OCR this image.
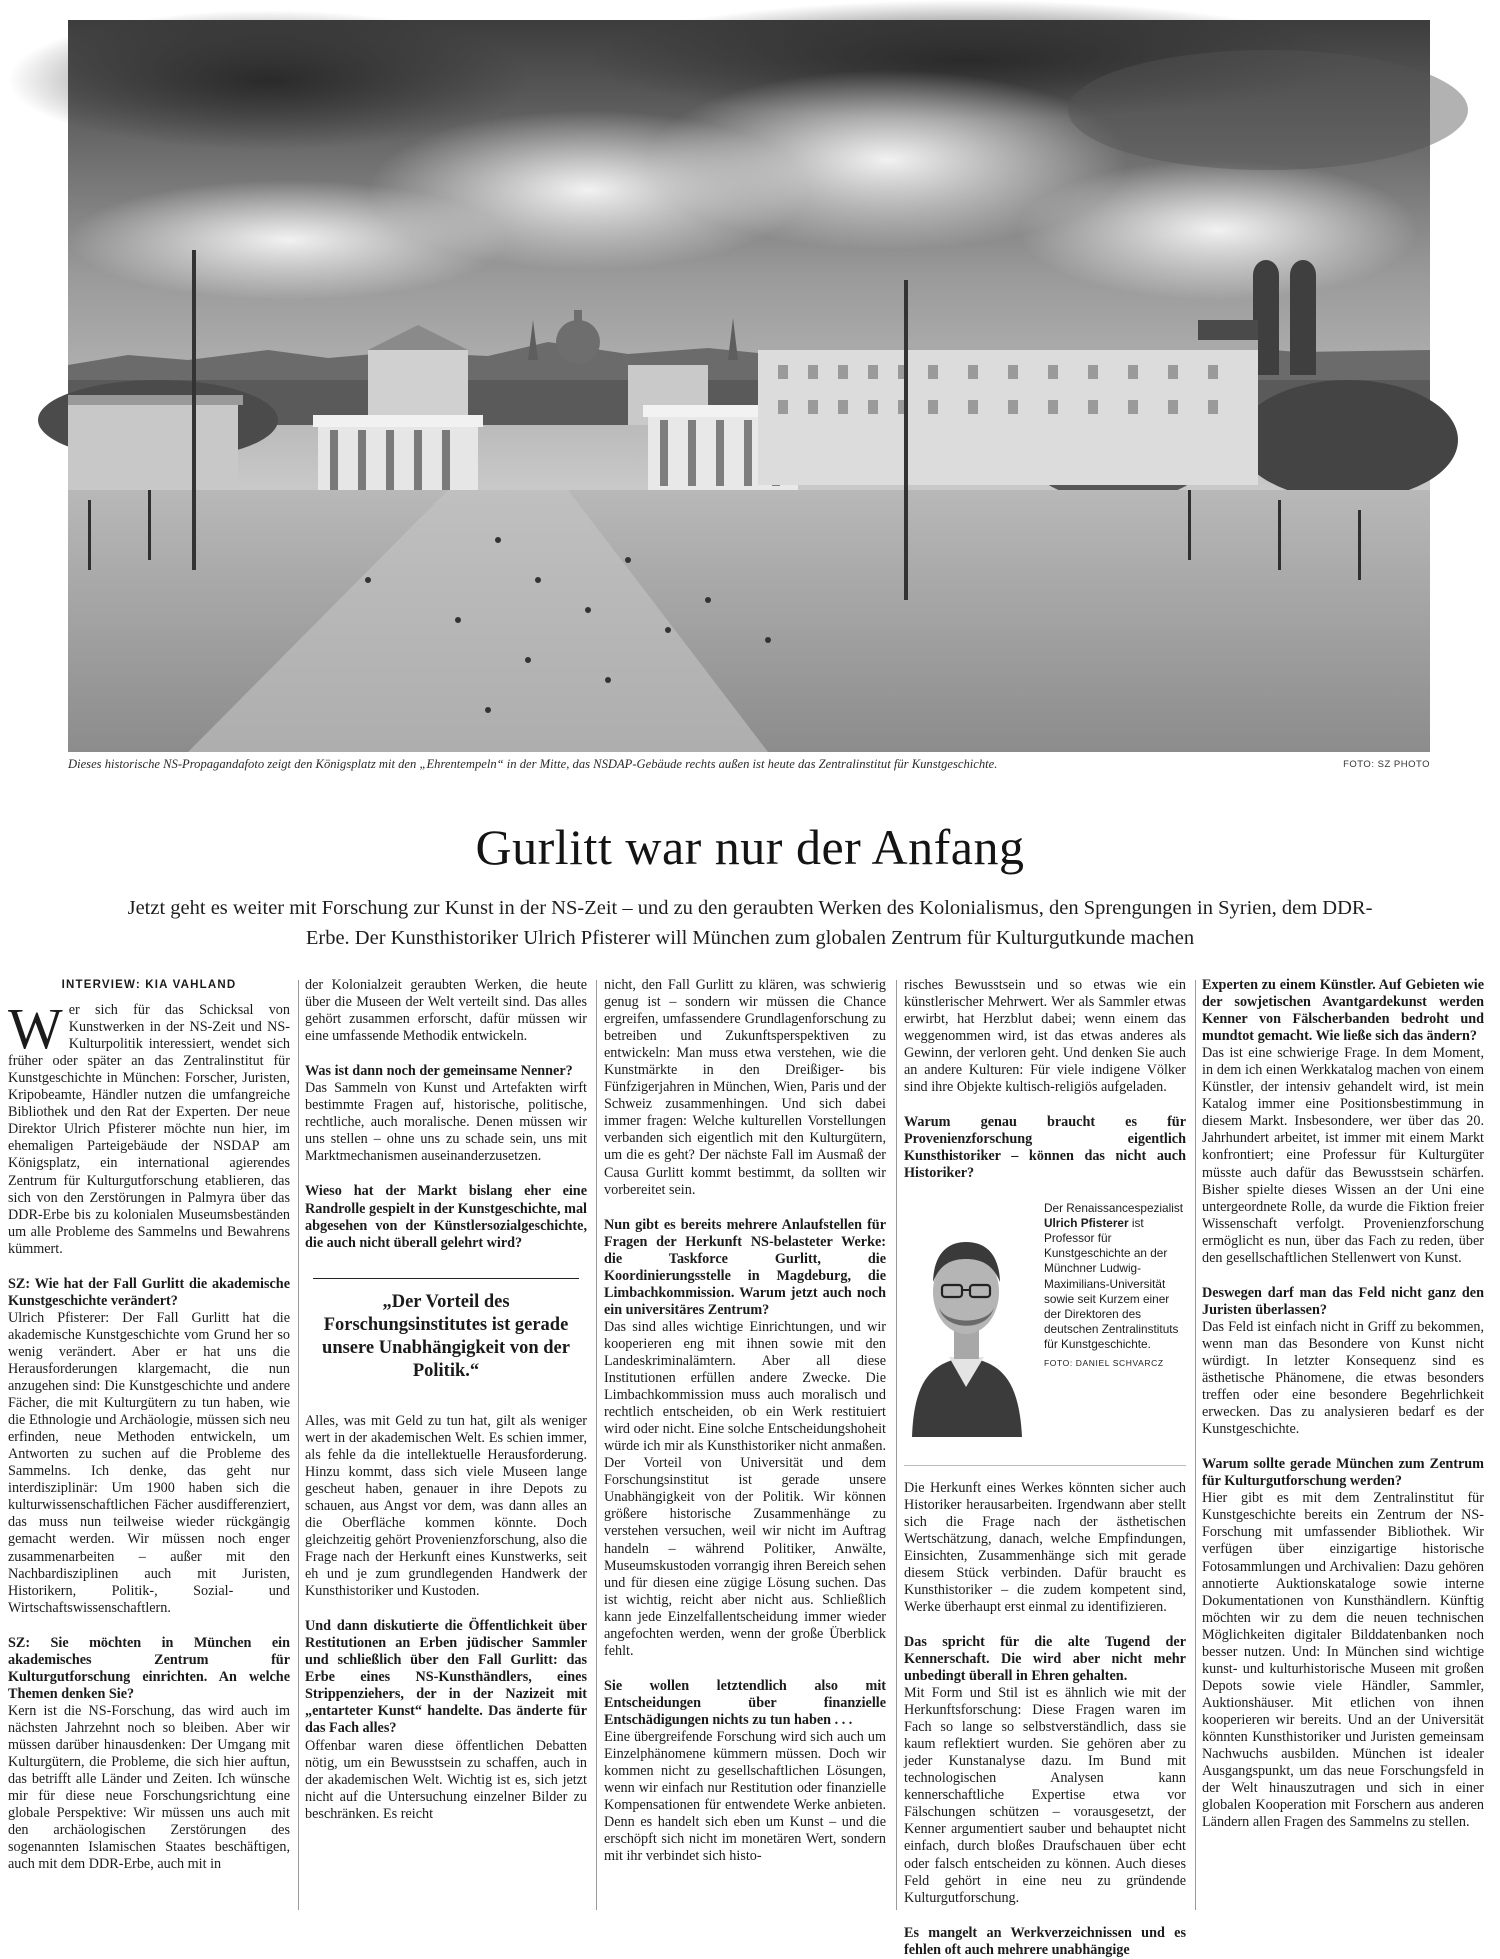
Dieses historische NS-Propagandafoto zeigt den Königsplatz mit den „Ehrentempeln“ in der Mitte, das NSDAP-Gebäude rechts außen ist heute das Zentralinstitut für Kunstgeschichte.	FOTO: SZ PHOTO
Gurlitt war nur der Anfang

Jetzt geht es weiter mit Forschung zur Kunst in der NS-Zeit – und zu den geraubten Werken des Kolonialismus, den Sprengungen in Syrien, dem DDR-Erbe. Der Kunsthistoriker Ulrich Pfisterer will München zum globalen Zentrum für Kulturgutkunde machen

INTERVIEW: KIA VAHLAND

Wer sich für das Schicksal von Kunstwerken in der NS-Zeit und NS-Kulturpolitik interessiert, wendet sich früher oder später an das Zentralinstitut für Kunstgeschichte in München: Forscher, Juristen, Kripobeamte, Händler nutzen die umfangreiche Bibliothek und den Rat der Experten. Der neue Direktor Ulrich Pfisterer möchte nun hier, im ehemaligen Parteigebäude der NSDAP am Königsplatz, ein international agierendes Zentrum für Kulturgutforschung etablieren, das sich von den Zerstörungen in Palmyra über das DDR-Erbe bis zu kolonialen Museumsbeständen um alle Probleme des Sammelns und Bewahrens kümmert.

SZ: Wie hat der Fall Gurlitt die akademische Kunstgeschichte verändert?

Ulrich Pfisterer: Der Fall Gurlitt hat die akademische Kunstgeschichte vom Grund her so wenig verändert. Aber er hat uns die Herausforderungen klargemacht, die nun anzugehen sind: Die Kunstgeschichte und andere Fächer, die mit Kulturgütern zu tun haben, wie die Ethnologie und Archäologie, müssen sich neu erfinden, neue Methoden entwickeln, um Antworten zu suchen auf die Probleme des Sammelns. Ich denke, das geht nur interdisziplinär: Um 1900 haben sich die kulturwissenschaftlichen Fächer ausdifferenziert, das muss nun teilweise wieder rückgängig gemacht werden. Wir müssen noch enger zusammenarbeiten – außer mit den Nachbardisziplinen auch mit Juristen, Historikern, Politik-, Sozial- und Wirtschaftswissenschaftlern.

SZ: Sie möchten in München ein akademisches Zentrum für Kulturgutforschung einrichten. An welche Themen denken Sie?

Kern ist die NS-Forschung, das wird auch im nächsten Jahrzehnt noch so bleiben. Aber wir müssen darüber hinausdenken: Der Umgang mit Kulturgütern, die Probleme, die sich hier auftun, das betrifft alle Länder und Zeiten. Ich wünsche mir für diese neue Forschungsrichtung eine globale Perspektive: Wir müssen uns auch mit den archäologischen Zerstörungen des sogenannten Islamischen Staates beschäftigen, auch mit dem DDR-Erbe, auch mit in

der Kolonialzeit geraubten Werken, die heute über die Museen der Welt verteilt sind. Das alles gehört zusammen erforscht, dafür müssen wir eine umfassende Methodik entwickeln.

Was ist dann noch der gemeinsame Nenner?

Das Sammeln von Kunst und Artefakten wirft bestimmte Fragen auf, historische, politische, rechtliche, auch moralische. Denen müssen wir uns stellen – ohne uns zu schade sein, uns mit Marktmechanismen auseinanderzusetzen.

Wieso hat der Markt bislang eher eine Randrolle gespielt in der Kunstgeschichte, mal abgesehen von der Künstlersozialgeschichte, die auch nicht überall gelehrt wird?

„Der Vorteil des Forschungsinstitutes ist gerade unsere Unabhängigkeit von der Politik.“

Alles, was mit Geld zu tun hat, gilt als weniger wert in der akademischen Welt. Es schien immer, als fehle da die intellektuelle Herausforderung. Hinzu kommt, dass sich viele Museen lange gescheut haben, genauer in ihre Depots zu schauen, aus Angst vor dem, was dann alles an die Oberfläche kommen könnte. Doch gleichzeitig gehört Provenienzforschung, also die Frage nach der Herkunft eines Kunstwerks, seit eh und je zum grundlegenden Handwerk der Kunsthistoriker und Kustoden.

Und dann diskutierte die Öffentlichkeit über Restitutionen an Erben jüdischer Sammler und schließlich über den Fall Gurlitt: das Erbe eines NS-Kunsthändlers, eines Strippenziehers, der in der Nazizeit mit „entarteter Kunst“ handelte. Das änderte für das Fach alles?

Offenbar waren diese öffentlichen Debatten nötig, um ein Bewusstsein zu schaffen, auch in der akademischen Welt. Wichtig ist es, sich jetzt nicht auf die Untersuchung einzelner Bilder zu beschränken. Es reicht

nicht, den Fall Gurlitt zu klären, was schwierig genug ist – sondern wir müssen die Chance ergreifen, umfassendere Grundlagenforschung zu betreiben und Zukunftsperspektiven zu entwickeln: Man muss etwa verstehen, wie die Kunstmärkte in den Dreißiger- bis Fünfzigerjahren in München, Wien, Paris und der Schweiz zusammenhingen. Und sich dabei immer fragen: Welche kulturellen Vorstellungen verbanden sich eigentlich mit den Kulturgütern, um die es geht? Der nächste Fall im Ausmaß der Causa Gurlitt kommt bestimmt, da sollten wir vorbereitet sein.

Nun gibt es bereits mehrere Anlaufstellen für Fragen der Herkunft NS-belasteter Werke: die Taskforce Gurlitt, die Koordinierungsstelle in Magdeburg, die Limbachkommission. Warum jetzt auch noch ein universitäres Zentrum?

Das sind alles wichtige Einrichtungen, und wir kooperieren eng mit ihnen sowie mit den Landeskriminalämtern. Aber all diese Institutionen erfüllen andere Zwecke. Die Limbachkommission muss auch moralisch und rechtlich entscheiden, ob ein Werk restituiert wird oder nicht. Eine solche Entscheidungshoheit würde ich mir als Kunsthistoriker nicht anmaßen. Der Vorteil von Universität und dem Forschungsinstitut ist gerade unsere Unabhängigkeit von der Politik. Wir können größere historische Zusammenhänge zu verstehen versuchen, weil wir nicht im Auftrag handeln – während Politiker, Anwälte, Museumskustoden vorrangig ihren Bereich sehen und für diesen eine zügige Lösung suchen. Das ist wichtig, reicht aber nicht aus. Schließlich kann jede Einzelfallentscheidung immer wieder angefochten werden, wenn der große Überblick fehlt.

Sie wollen letztendlich also mit Entscheidungen über finanzielle Entschädigungen nichts zu tun haben . . .

Eine übergreifende Forschung wird sich auch um Einzelphänomene kümmern müssen. Doch wir kommen nicht zu gesellschaftlichen Lösungen, wenn wir einfach nur Restitution oder finanzielle Kompensationen für entwendete Werke anbieten. Denn es handelt sich eben um Kunst – und die erschöpft sich nicht im monetären Wert, sondern mit ihr verbindet sich histo-

risches Bewusstsein und so etwas wie ein künstlerischer Mehrwert. Wer als Sammler etwas erwirbt, hat Herzblut dabei; wenn einem das weggenommen wird, ist das etwas anderes als Gewinn, der verloren geht. Und denken Sie auch an andere Kulturen: Für viele indigene Völker sind ihre Objekte kultisch-religiös aufgeladen.

Warum genau braucht es für Provenienzforschung eigentlich Kunsthistoriker – können das nicht auch Historiker?

Der Renaissancespezialist Ulrich Pfisterer ist Professor für Kunstgeschichte an der Münchner Ludwig-Maximilians-Universität sowie seit Kurzem einer der Direktoren des deutschen Zentralinstituts für Kunstgeschichte.
FOTO: DANIEL SCHVARCZ

Die Herkunft eines Werkes könnten sicher auch Historiker herausarbeiten. Irgendwann aber stellt sich die Frage nach der ästhetischen Wertschätzung, danach, welche Empfindungen, Einsichten, Zusammenhänge sich mit gerade diesem Stück verbinden. Dafür braucht es Kunsthistoriker – die zudem kompetent sind, Werke überhaupt erst einmal zu identifizieren.

Das spricht für die alte Tugend der Kennerschaft. Die wird aber nicht mehr unbedingt überall in Ehren gehalten.

Mit Form und Stil ist es ähnlich wie mit der Herkunftsforschung: Diese Fragen waren im Fach so lange so selbstverständlich, dass sie kaum reflektiert wurden. Sie gehören aber zu jeder Kunstanalyse dazu. Im Bund mit technologischen Analysen kann kennerschaftliche Expertise etwa vor Fälschungen schützen – vorausgesetzt, der Kenner argumentiert sauber und behauptet nicht einfach, durch bloßes Draufschauen über echt oder falsch entscheiden zu können. Auch dieses Feld gehört in eine neu zu gründende Kulturgutforschung.

Es mangelt an Werkverzeichnissen und es fehlen oft auch mehrere unabhängige

Experten zu einem Künstler. Auf Gebieten wie der sowjetischen Avantgardekunst werden Kenner von Fälscherbanden bedroht und mundtot gemacht. Wie ließe sich das ändern?

Das ist eine schwierige Frage. In dem Moment, in dem ich einen Werkkatalog machen von einem Künstler, der intensiv gehandelt wird, ist mein Katalog immer eine Positionsbestimmung in diesem Markt. Insbesondere, wer über das 20. Jahrhundert arbeitet, ist immer mit einem Markt konfrontiert; eine Professur für Kulturgüter müsste auch dafür das Bewusstsein schärfen. Bisher spielte dieses Wissen an der Uni eine untergeordnete Rolle, da wurde die Fiktion freier Wissenschaft verfolgt. Provenienzforschung ermöglicht es nun, über das Fach zu reden, über den gesellschaftlichen Stellenwert von Kunst.

Deswegen darf man das Feld nicht ganz den Juristen überlassen?

Das Feld ist einfach nicht in Griff zu bekommen, wenn man das Besondere von Kunst nicht würdigt. In letzter Konsequenz sind es ästhetische Phänomene, die etwas besonders treffen oder eine besondere Begehrlichkeit erwecken. Das zu analysieren bedarf es der Kunstgeschichte.

Warum sollte gerade München zum Zentrum für Kulturgutforschung werden?

Hier gibt es mit dem Zentralinstitut für Kunstgeschichte bereits ein Zentrum der NS-Forschung mit umfassender Bibliothek. Wir verfügen über einzigartige historische Fotosammlungen und Archivalien: Dazu gehören annotierte Auktionskataloge sowie interne Dokumentationen von Kunsthändlern. Künftig möchten wir zu dem die neuen technischen Möglichkeiten digitaler Bilddatenbanken noch besser nutzen. Und: In München sind wichtige kunst- und kulturhistorische Museen mit großen Depots sowie viele Händler, Sammler, Auktionshäuser. Mit etlichen von ihnen kooperieren wir bereits. Und an der Universität könnten Kunsthistoriker und Juristen gemeinsam Nachwuchs ausbilden. München ist idealer Ausgangspunkt, um das neue Forschungsfeld in der Welt hinauszutragen und sich in einer globalen Kooperation mit Forschern aus anderen Ländern allen Fragen des Sammelns zu stellen.
